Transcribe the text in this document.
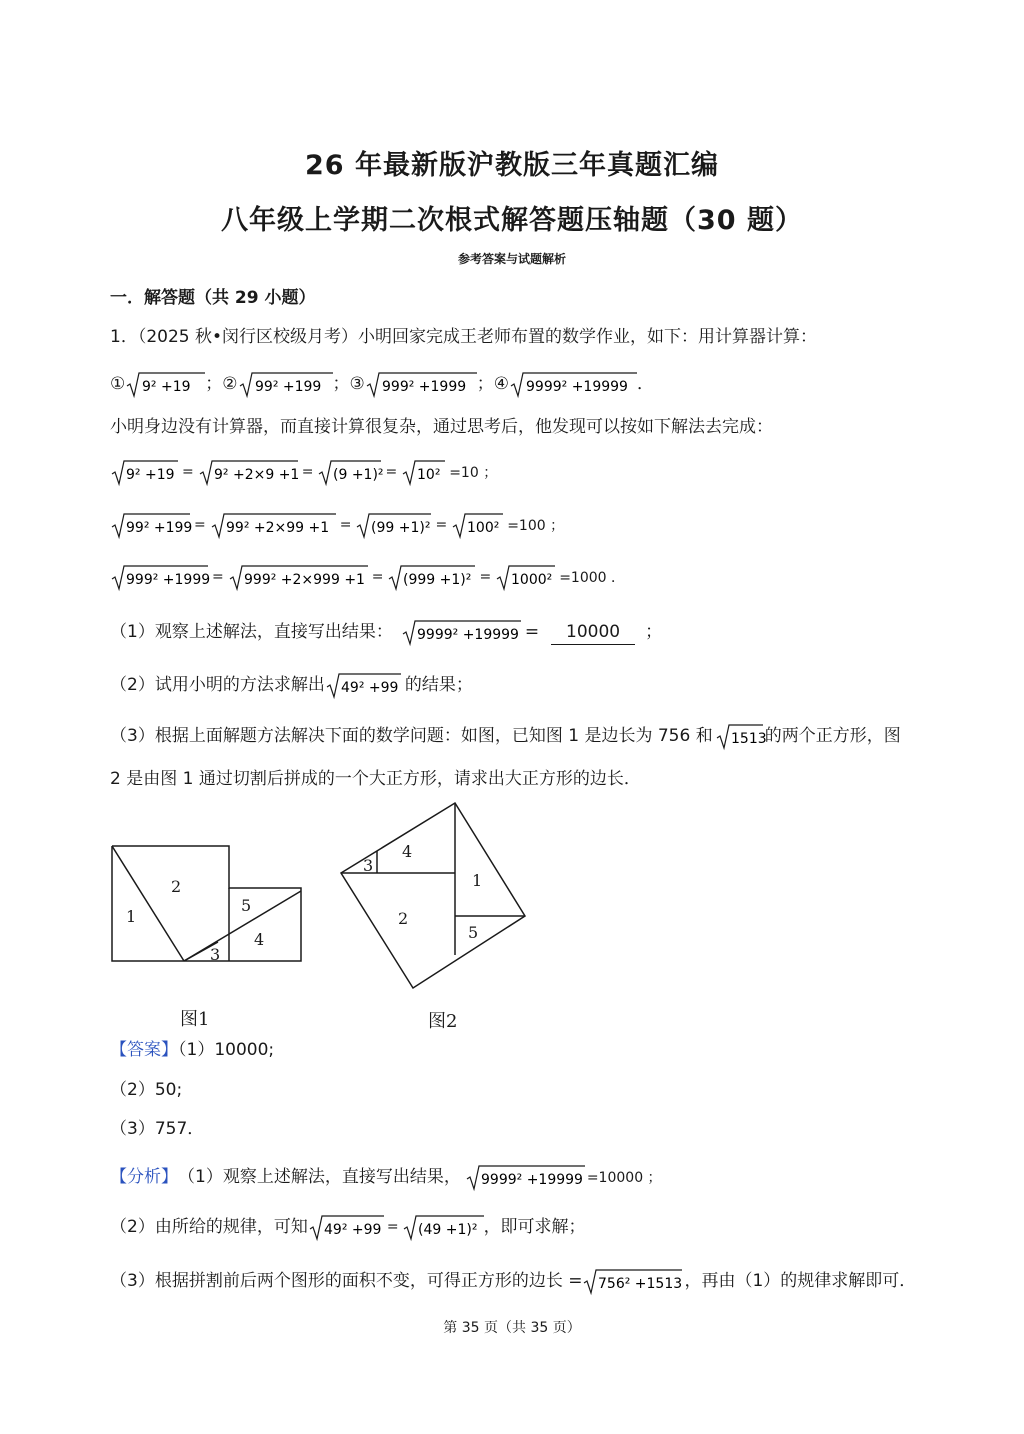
26 年最新版沪教版三年真题汇编
八年级上学期二次根式解答题压轴题（30 题）
参考答案与试题解析
一．解答题（共 29 小题）
1．（2025 秋•闵行区校级月考）小明回家完成王老师布置的数学作业，如下：用计算器计算：
① 9² +19 ；② 99² +199 ；③ 999² +1999 ；④ 9999² +19999 ．
小明身边没有计算器，而直接计算很复杂，通过思考后，他发现可以按如下解法去完成：
9² +19 = 9² +2×9 +1 = (9 +1)² = 10² =10 ；
99² +199 = 99² +2×99 +1 = (99 +1)² = 100² =100 ；
999² +1999 = 999² +2×999 +1 = (999 +1)² = 1000² =1000 ．
（1）观察上述解法，直接写出结果： 9999² +19999 =	10000	；
（2）试用小明的方法求解出 49² +99 的结果；
（3）根据上面解题方法解决下面的数学问题：如图，已知图 1 是边长为 756 和 1513
的两个正方形，图
2 是由图 1 通过切割后拼成的一个大正方形，请求出大正方形的边长．
1
2
3
4
5
图1
3
4
1
2
5
图2
【答案】（1）10000;
（2）50;
（3）757．
【分析】 （1）观察上述解法，直接写出结果， 9999² +19999 =10000 ；
（2）由所给的规律，可知 49² +99 = (49 +1)² ，即可求解；
（3）根据拼割前后两个图形的面积不变，可得正方形的边长 = 756² +1513 ，再由（1）的规律求解即可．
第 35 页（共 35 页）
